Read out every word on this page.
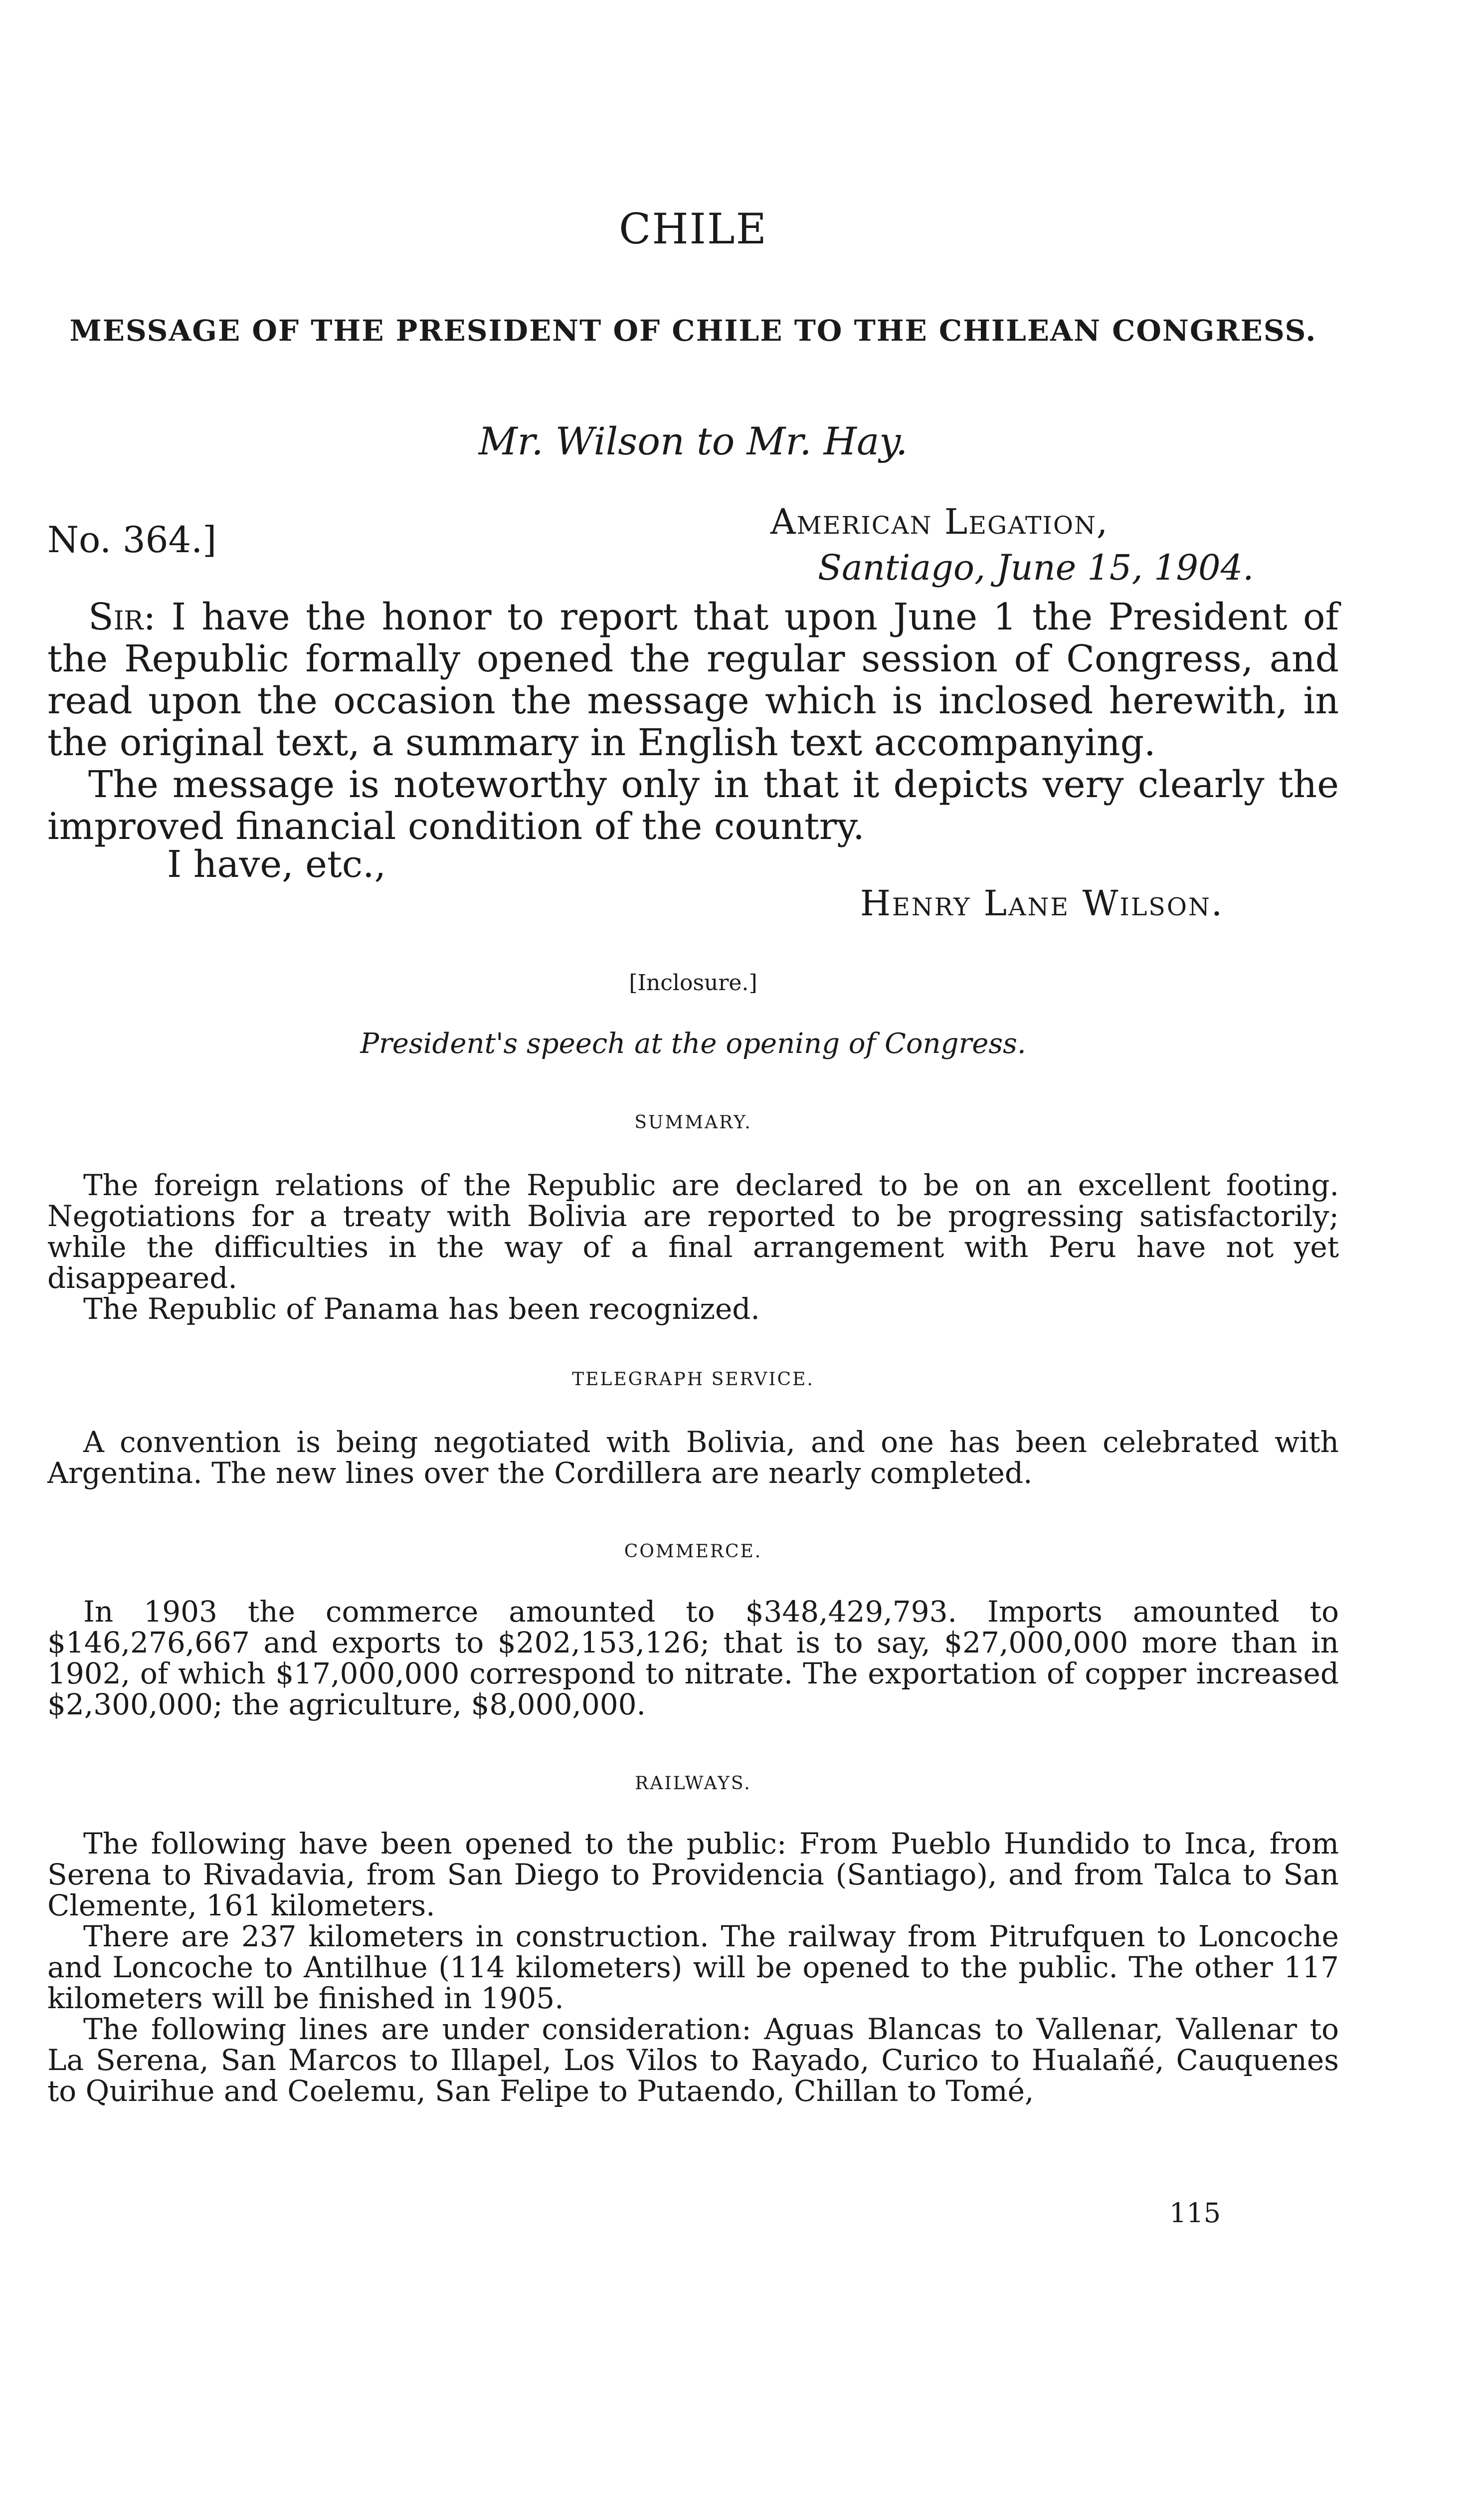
CHILE
MESSAGE OF THE PRESIDENT OF CHILE TO THE CHILEAN CONGRESS.
Mr. Wilson to Mr. Hay.
No. 364.]	American Legation,
Santiago, June 15, 1904.

Sir: I have the honor to report that upon June 1 the President of the Republic formally opened the regular session of Congress, and read upon the occasion the message which is inclosed herewith, in the original text, a summary in English text accompanying.

The message is noteworthy only in that it depicts very clearly the improved financial condition of the country.

I have, etc.,
Henry Lane Wilson.
[Inclosure.]
President's speech at the opening of Congress.
SUMMARY.

The foreign relations of the Republic are declared to be on an excellent footing. Negotiations for a treaty with Bolivia are reported to be progressing satisfactorily; while the difficulties in the way of a final arrangement with Peru have not yet disappeared.

The Republic of Panama has been recognized.

TELEGRAPH SERVICE.

A convention is being negotiated with Bolivia, and one has been celebrated with Argentina. The new lines over the Cordillera are nearly completed.

COMMERCE.

In 1903 the commerce amounted to $348,429,793. Imports amounted to $146,276,667 and exports to $202,153,126; that is to say, $27,000,000 more than in 1902, of which $17,000,000 correspond to nitrate. The exportation of copper increased $2,300,000; the agriculture, $8,000,000.

RAILWAYS.

The following have been opened to the public: From Pueblo Hundido to Inca, from Serena to Rivadavia, from San Diego to Providencia (Santiago), and from Talca to San Clemente, 161 kilometers.

There are 237 kilometers in construction. The railway from Pitrufquen to Loncoche and Loncoche to Antilhue (114 kilometers) will be opened to the public. The other 117 kilometers will be finished in 1905.

The following lines are under consideration: Aguas Blancas to Vallenar, Vallenar to La Serena, San Marcos to Illapel, Los Vilos to Rayado, Curico to Hualañé, Cauquenes to Quirihue and Coelemu, San Felipe to Putaendo, Chillan to Tomé,

115
